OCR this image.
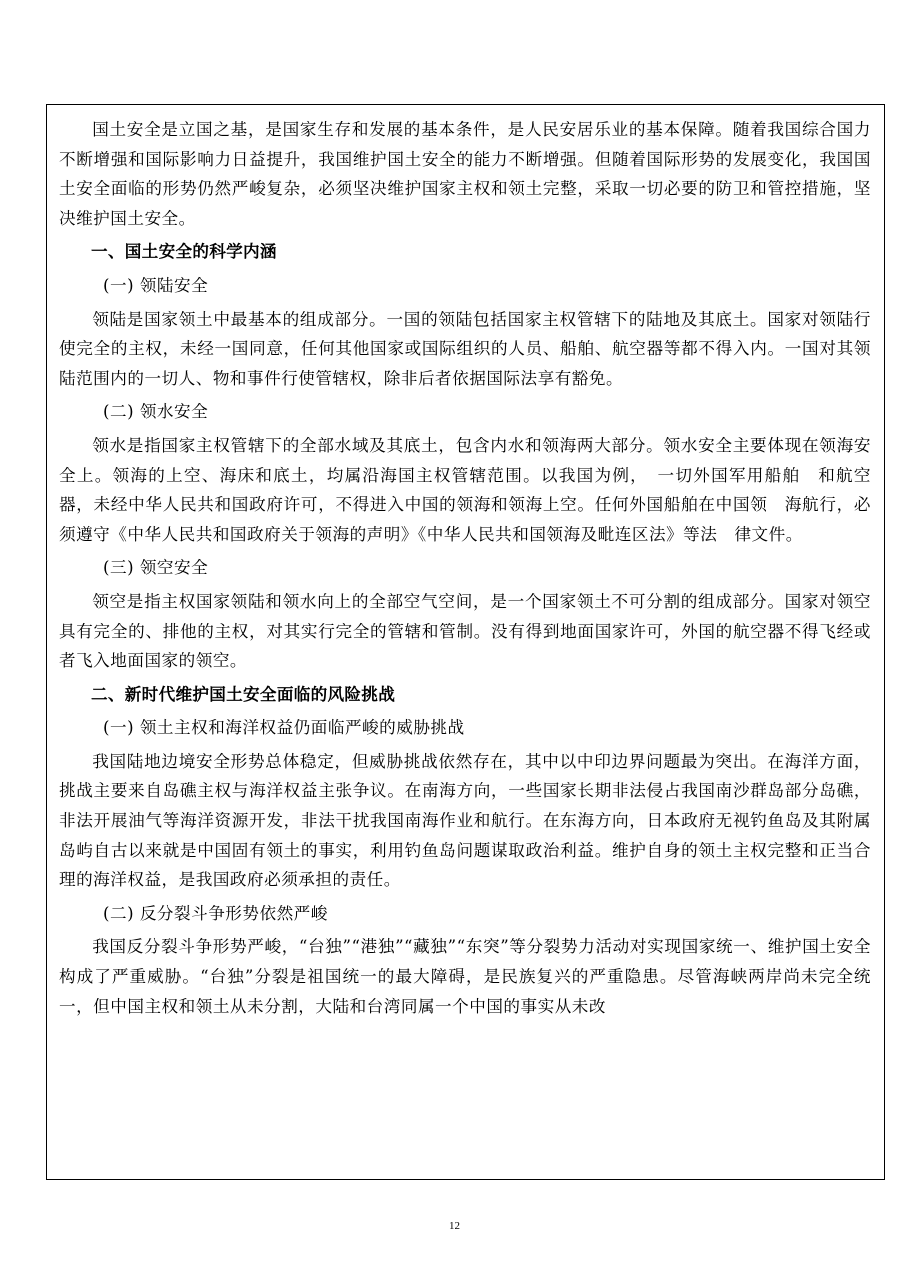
国土安全是立国之基，是国家生存和发展的基本条件，是人民安居乐业的基本保障。随着我国综合国力不断增强和国际影响力日益提升，我国维护国土安全的能力不断增强。但随着国际形势的发展变化，我国国土安全面临的形势仍然严峻复杂，必须坚决维护国家主权和领土完整，采取一切必要的防卫和管控措施，坚决维护国土安全。

一、国土安全的科学内涵

(一) 领陆安全

领陆是国家领土中最基本的组成部分。一国的领陆包括国家主权管辖下的陆地及其底土。国家对领陆行使完全的主权，未经一国同意，任何其他国家或国际组织的人员、船舶、航空器等都不得入内。一国对其领陆范围内的一切人、物和事件行使管辖权，除非后者依据国际法享有豁免。

(二) 领水安全

领水是指国家主权管辖下的全部水域及其底土，包含内水和领海两大部分。领水安全主要体现在领海安全上。领海的上空、海床和底土，均属沿海国主权管辖范围。以我国为例，　一切外国军用船舶　和航空器，未经中华人民共和国政府许可，不得进入中国的领海和领海上空。任何外国船舶在中国领　海航行，必须遵守《中华人民共和国政府关于领海的声明》《中华人民共和国领海及毗连区法》等法　律文件。

(三) 领空安全

领空是指主权国家领陆和领水向上的全部空气空间，是一个国家领土不可分割的组成部分。国家对领空具有完全的、排他的主权，对其实行完全的管辖和管制。没有得到地面国家许可，外国的航空器不得飞经或者飞入地面国家的领空。

二、新时代维护国土安全面临的风险挑战

(一) 领土主权和海洋权益仍面临严峻的威胁挑战

我国陆地边境安全形势总体稳定，但威胁挑战依然存在，其中以中印边界问题最为突出。在海洋方面，挑战主要来自岛礁主权与海洋权益主张争议。在南海方向，一些国家长期非法侵占我国南沙群岛部分岛礁，非法开展油气等海洋资源开发，非法干扰我国南海作业和航行。在东海方向，日本政府无视钓鱼岛及其附属岛屿自古以来就是中国固有领土的事实，利用钓鱼岛问题谋取政治利益。维护自身的领土主权完整和正当合理的海洋权益，是我国政府必须承担的责任。

(二) 反分裂斗争形势依然严峻

我国反分裂斗争形势严峻，“台独”“港独”“藏独”“东突”等分裂势力活动对实现国家统一、维护国土安全构成了严重威胁。“台独”分裂是祖国统一的最大障碍，是民族复兴的严重隐患。尽管海峡两岸尚未完全统一，但中国主权和领土从未分割，大陆和台湾同属一个中国的事实从未改

12
